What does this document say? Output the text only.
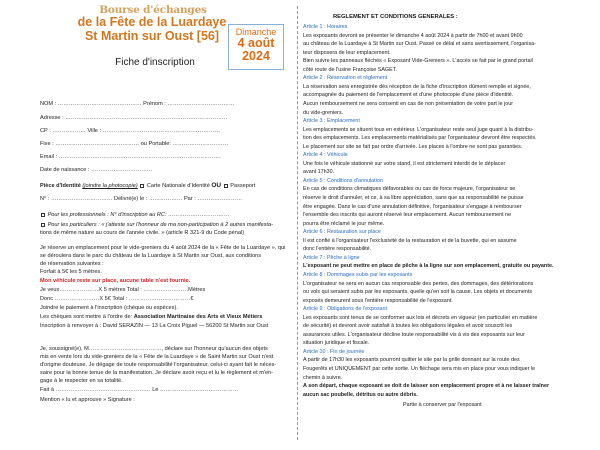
Bourse d'échanges
de la Fête de la Luardaye
St Martin sur Oust [56]
Fiche d'inscription
NOM : ……………………………………… Prénom : ………………………………
Adresse : ……………………………………………………………………………
CP : ……………… Ville : ………………………………………………………
Fixe : ……………………………………… ou Portable: …………………………
Email : ……………………………………………………………………………
Date de naissance : ……………………………
Pièce d'Identité (joindre la photocopie) Carte Nationale d'Identité OU Passeport
N° : …………………………… Délivré(e) le : ……………… Par : ……………………
Pour les professionnels : N° d'inscription au RC: ……………………………
Pour les particuliers : « j'atteste sur l'honneur de ma non-participation à 2 autres manifesta-
tions de même nature au cours de l'année civile. » (article R 321-9 du Code pénal)
Je réserve un emplacement pour le vide-greniers du 4 août 2024 de la « Fête de la Luardaye », qui
se déroulera dans le parc du château de la Luardaye à St Martin sur Oust, aux conditions
de réservation suivantes :
Forfait à 5€ les 5 mètres.
Mon véhicule reste sur place, aucune table n'est fournie.
Je veux…………………X 5 mètres Total : ……………………Mètres
Donc ……………………X 5€ Total : ……………………………€
Joindre le paiement à l'inscription (chèque ou espèces).
Les chèques sont mettre à l'ordre de: Association Martinaise des Arts et Vieux Métiers
Inscription à renvoyer à : David SERAZIN — 13 La Croix Piguel — 56200 St Martin sur Oust
Je, soussigné(e), M…………………………………, déclare sur l'honneur qu'aucun des objets
mis en vente lors du vide-greniers de la « Fête de la Luardaye » de Saint Martin sur Oust n'est
d'origine douteuse. Je dégage de toute responsabilité l'organisateur, celui-ci ayant fait le néces-
saire pour la bonne tenue de la manifestation. Je déclare avoir reçu et lu le règlement et m'en-
gage à le respecter en sa totalité.
Fait à …………………………………………… Le ……………………………………
Mention « lu et approuve » Signature :
Dimanche
4 août
2024
REGLEMENT ET CONDITIONS GENERALES :
Article 1 : Horaires
Les exposants devront se présenter le dimanche 4 août 2024 à partir de 7h00 et avant 9h00
au château de la Luardaye à St Martin sur Oust. Passé ce délai et sans avertissement, l'organisa-
teur disposera de leur emplacement.
Bien suivre les panneaux fléchés « Exposant Vide-Greniers ». L'accès se fait par le grand portail
côté route de l'usine Françoise SAGET.
Article 2 : Réservation et règlement
La réservation sera enregistrée dès réception de la fiche d'inscription dûment remplie et signée,
accompagnée du paiement de l'emplacement et d'une photocopie d'une pièce d'identité.
Aucun remboursement ne sera consenti en cas de non présentation de votre part le jour
du vide-greniers.
Article 3 : Emplacement
Les emplacements se situent tous en extérieur. L'organisateur reste seul juge quant à la distribu-
tion des emplacements. Les emplacements matérialisés par l'organisateur devront être respectés.
Le placement sur site se fait par ordre d'arrivée. Les places à l'ombre ne sont pas garanties.
Article 4 : Véhicule
Une fois le véhicule stationné sur votre stand, il est strictement interdit de le déplacer
avant 17h30.
Article 5 : Conditions d'annulation
En cas de conditions climatiques défavorables ou cas de force majeure, l'organisateur se
réserve le droit d'annuler, et ce, à sa libre appréciation, sans que sa responsabilité ne puisse
être engagée. Dans le cas d'une annulation définitive, l'organisateur s'engage à rembourser
l'ensemble des inscrits qui auront réservé leur emplacement. Aucun remboursement ne
pourra être réclamé le jour même.
Article 6 : Restauration sur place
Il est confié à l'organisateur l'exclusivité de la restauration et de la buvette, qui en assume
donc l'entière responsabilité.
Article 7 : Pêche à ligne
L'exposant ne peut mettre en place de pêche à la ligne sur son emplacement, gratuite ou payante.
Article 8 : Dommages subis par les exposants
L'organisateur ne sera en aucun cas responsable des pertes, des dommages, des détériorations
ou vols qui seraient subis par les exposants, quelle qu'en soit la cause. Les objets et documents
exposés demeurent sous l'entière responsabilité de l'exposant.
Article 9 : Obligations de l'exposant
Les exposants sont tenus de se conformer aux lois et décrets en vigueur (en particulier en matière
de sécurité) et devront avoir satisfait à toutes les obligations légales et avoir souscrit les
assurances utiles. L'organisateur décline toute responsabilité vis à vis des exposants sur leur
situation juridique et fiscale.
Article 10 : Fin de journée
A partir de 17h30 les exposants pourront quitter le site par la grille donnant sur la route des
Fougerêts et UNIQUEMENT par cette sortie. Un fléchage sera mis en place pour vous indiquer le
chemin à suivre.
A son départ, chaque exposant se doit de laisser son emplacement propre et à ne laisser traîner
aucun sac poubelle, détritus ou autre débris.
Partie à conserver par l'exposant
